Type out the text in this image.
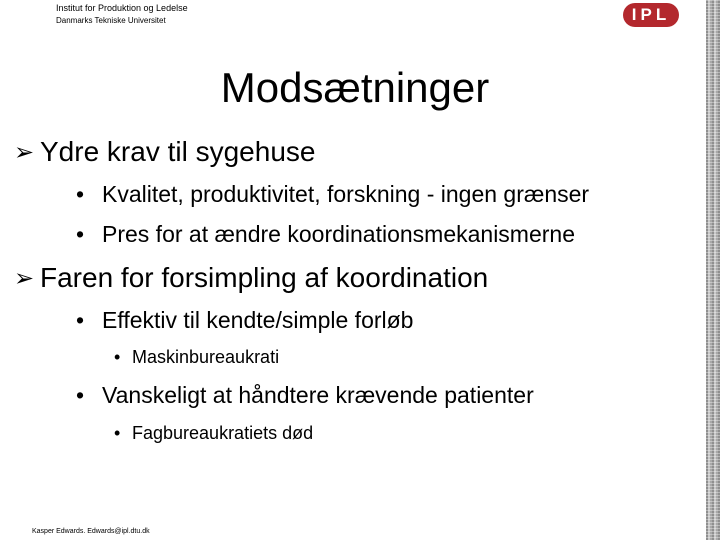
Institut for Produktion og Ledelse
Danmarks Tekniske Universitet	IPL
Modsætninger
➢ Ydre krav til sygehuse
• Kvalitet, produktivitet, forskning - ingen grænser
• Pres for at ændre koordinationsmekanismerne
➢ Faren for forsimpling af koordination
• Effektiv til kendte/simple forløb
• Maskinbureaukrati
• Vanskeligt at håndtere krævende patienter
• Fagbureaukratiets død
Kasper Edwards. Edwards@ipl.dtu.dk
